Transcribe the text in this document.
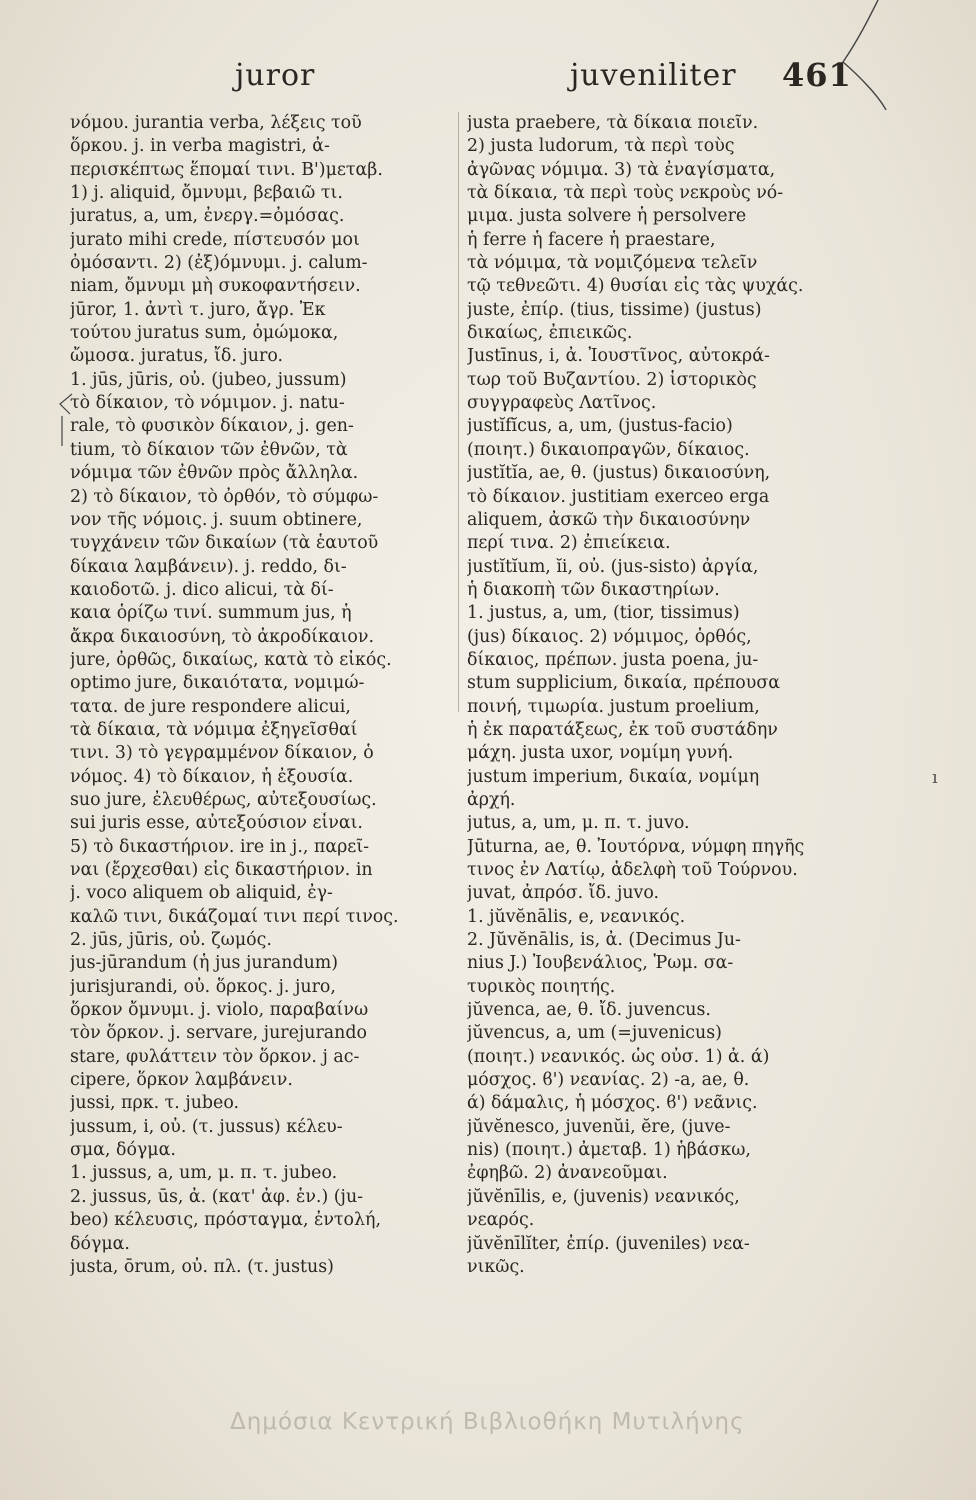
juror	juveniliter 461
νόμου. jurantia verba, λέξεις τοῦ
ὅρκου. j. in verba magistri, ἀ-
περισκέπτως ἕπομαί τινι. Β')μεταβ.
1) j. aliquid, ὄμνυμι, βεβαιῶ τι.
juratus, a, um, ἐνεργ.=ὀμόσας.
jurato mihi crede, πίστευσόν μοι
ὀμόσαντι. 2) (ἐξ)όμνυμι. j. calum-
niam, ὄμνυμι μὴ συκοφαντήσειν.
jūror, 1. ἀντὶ τ. juro, ἄγρ. Ἐκ
τούτου juratus sum, ὀμώμοκα,
ὤμοσα. juratus, ἴδ. juro.
1. jūs, jūris, οὐ. (jubeo, jussum)
τὸ δίκαιον, τὸ νόμιμον. j. natu-
rale, τὸ φυσικὸν δίκαιον, j. gen-
tium, τὸ δίκαιον τῶν ἐθνῶν, τὰ
νόμιμα τῶν ἐθνῶν πρὸς ἄλληλα.
2) τὸ δίκαιον, τὸ ὀρθόν, τὸ σύμφω-
νον τῆς νόμοις. j. suum obtinere,
τυγχάνειν τῶν δικαίων (τὰ ἑαυτοῦ
δίκαια λαμβάνειν). j. reddo, δι-
καιοδοτῶ. j. dico alicui, τὰ δί-
καια ὁρίζω τινί. summum jus, ἡ
ἄκρα δικαιοσύνη, τὸ ἀκροδίκαιον.
jure, ὀρθῶς, δικαίως, κατὰ τὸ εἰκός.
optimo jure, δικαιότατα, νομιμώ-
τατα. de jure respondere alicui,
τὰ δίκαια, τὰ νόμιμα ἐξηγεῖσθαί
τινι. 3) τὸ γεγραμμένον δίκαιον, ὁ
νόμος. 4) τὸ δίκαιον, ἡ ἐξουσία.
suo jure, ἐλευθέρως, αὐτεξουσίως.
sui juris esse, αὐτεξούσιον εἶναι.
5) τὸ δικαστήριον. ire in j., παρεῖ-
ναι (ἔρχεσθαι) εἰς δικαστήριον. in
j. voco aliquem ob aliquid, ἐγ-
καλῶ τινι, δικάζομαί τινι περί τινος.
2. jūs, jūris, οὐ. ζωμός.
jus-jūrandum (ἡ jus jurandum)
jurisjurandi, οὐ. ὅρκος. j. juro,
ὅρκον ὄμνυμι. j. violo, παραβαίνω
τὸν ὅρκον. j. servare, jurejurando
stare, φυλάττειν τὸν ὅρκον. j ac-
cipere, ὅρκον λαμβάνειν.
jussi, πρκ. τ. jubeo.
jussum, i, οὐ. (τ. jussus) κέλευ-
σμα, δόγμα.
1. jussus, a, um, μ. π. τ. jubeo.
2. jussus, ūs, ἀ. (κατ' ἀφ. ἑν.) (ju-
beo) κέλευσις, πρόσταγμα, ἐντολή,
δόγμα.
justa, ōrum, οὐ. πλ. (τ. justus)
justa praebere, τὰ δίκαια ποιεῖν.
2) justa ludorum, τὰ περὶ τοὺς
ἀγῶνας νόμιμα. 3) τὰ ἐναγίσματα,
τὰ δίκαια, τὰ περὶ τοὺς νεκροὺς νό-
μιμα. justa solvere ἡ persolvere
ἡ ferre ἡ facere ἡ praestare,
τὰ νόμιμα, τὰ νομιζόμενα τελεῖν
τῷ τεθνεῶτι. 4) θυσίαι εἰς τὰς ψυχάς.
juste, ἐπίρ. (tius, tissime) (justus)
δικαίως, ἐπιεικῶς.
Justīnus, i, ἀ. Ἰουστῖνος, αὐτοκρά-
τωρ τοῦ Βυζαντίου. 2) ἱστορικὸς
συγγραφεὺς Λατῖνος.
justĭfĭcus, a, um, (justus-facio)
(ποιητ.) δικαιοπραγῶν, δίκαιος.
justĭtĭa, ae, θ. (justus) δικαιοσύνη,
τὸ δίκαιον. justitiam exerceo erga
aliquem, ἀσκῶ τὴν δικαιοσύνην
περί τινα. 2) ἐπιείκεια.
justĭtĭum, ĭi, οὐ. (jus-sisto) ἀργία,
ἡ διακοπὴ τῶν δικαστηρίων.
1. justus, a, um, (tior, tissimus)
(jus) δίκαιος. 2) νόμιμος, ὀρθός,
δίκαιος, πρέπων. justa poena, ju-
stum supplicium, δικαία, πρέπουσα
ποινή, τιμωρία. justum proelium,
ἡ ἐκ παρατάξεως, ἐκ τοῦ συστάδην
μάχη. justa uxor, νομίμη γυνή.
justum imperium, δικαία, νομίμη
ἀρχή.
jutus, a, um, μ. π. τ. juvo.
Jūturna, ae, θ. Ἰουτόρνα, νύμφη πηγῆς
τινος ἐν Λατίῳ, ἀδελφὴ τοῦ Τούρνου.
juvat, ἀπρόσ. ἴδ. juvo.
1. jŭvĕnālis, e, νεανικός.
2. Jŭvĕnālis, is, ἀ. (Decimus Ju-
nius J.) Ἰουβενάλιος, Ῥωμ. σα-
τυρικὸς ποιητής.
jŭvenca, ae, θ. ἴδ. juvencus.
jŭvencus, a, um (=juvenicus)
(ποιητ.) νεανικός. ὡς οὐσ. 1) ἀ. ά)
μόσχος. ϐ') νεανίας. 2) -a, ae, θ.
ά) δάμαλις, ἡ μόσχος. ϐ') νεᾶνις.
jŭvĕnesco, juvenŭi, ĕre, (juve-
nis) (ποιητ.) ἀμεταβ. 1) ἡβάσκω,
ἐφηβῶ. 2) ἀνανεοῦμαι.
jŭvĕnīlis, e, (juvenis) νεανικός,
νεαρός.
jŭvĕnīlĭter, ἐπίρ. (juveniles) νεα-
νικῶς.
ı
Δημόσια Κεντρική Βιβλιοθήκη Μυτιλήνης
